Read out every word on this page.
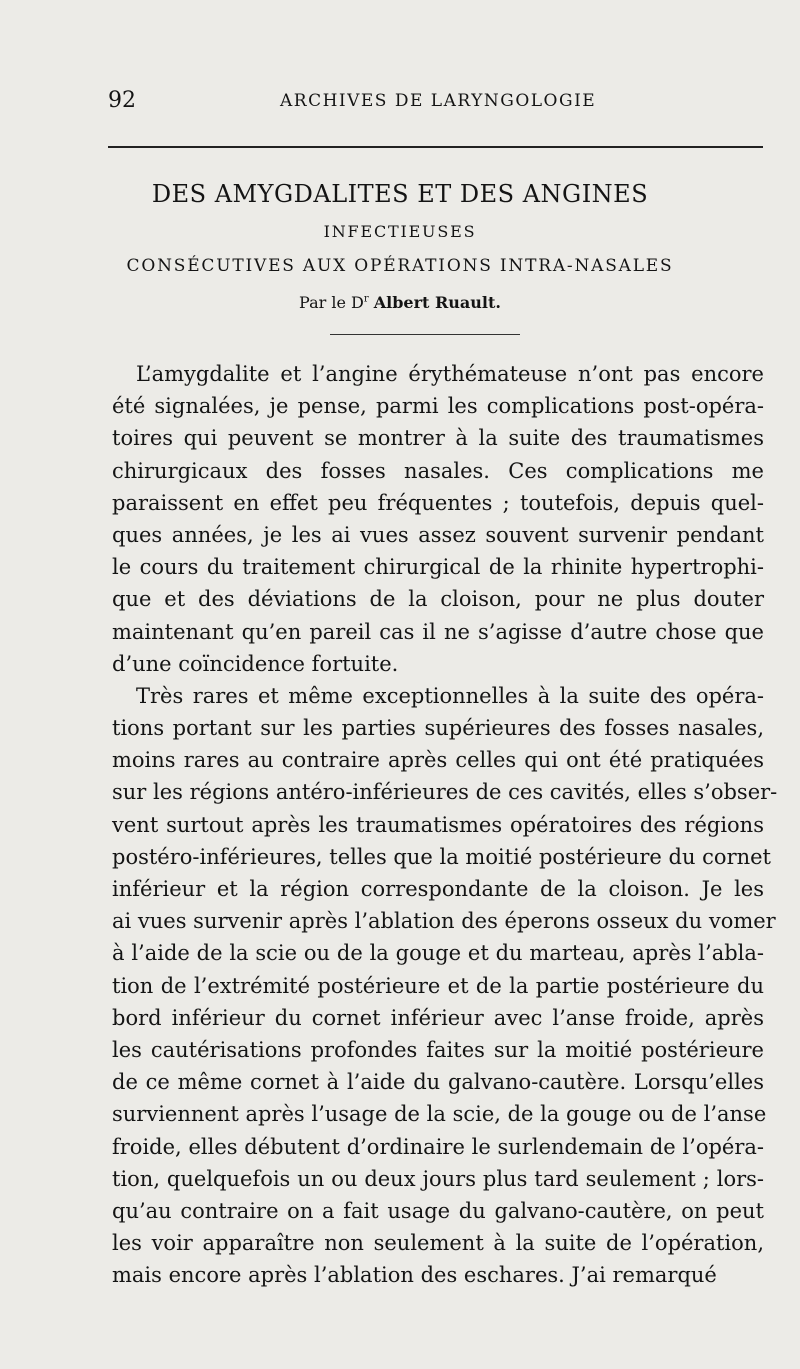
92	ARCHIVES DE LARYNGOLOGIE
DES AMYGDALITES ET DES ANGINES
INFECTIEUSES
CONSÉCUTIVES AUX OPÉRATIONS INTRA-NASALES
Par le $D^r$ Albert Ruault.
L’amygdalite et l’angine érythémateuse n’ont pas encore
été signalées, je pense, parmi les complications post-opéra-
toires qui peuvent se montrer à la suite des traumatismes
chirurgicaux des fosses nasales. Ces complications me
paraissent en effet peu fréquentes ; toutefois, depuis quel-
ques années, je les ai vues assez souvent survenir pendant
le cours du traitement chirurgical de la rhinite hypertrophi-
que et des déviations de la cloison, pour ne plus douter
maintenant qu’en pareil cas il ne s’agisse d’autre chose que
d’une coïncidence fortuite.
Très rares et même exceptionnelles à la suite des opéra-
tions portant sur les parties supérieures des fosses nasales,
moins rares au contraire après celles qui ont été pratiquées
sur les régions antéro-inférieures de ces cavités, elles s’obser-
vent surtout après les traumatismes opératoires des régions
postéro-inférieures, telles que la moitié postérieure du cornet
inférieur et la région correspondante de la cloison. Je les
ai vues survenir après l’ablation des éperons osseux du vomer
à l’aide de la scie ou de la gouge et du marteau, après l’abla-
tion de l’extrémité postérieure et de la partie postérieure du
bord inférieur du cornet inférieur avec l’anse froide, après
les cautérisations profondes faites sur la moitié postérieure
de ce même cornet à l’aide du galvano-cautère. Lorsqu’elles
surviennent après l’usage de la scie, de la gouge ou de l’anse
froide, elles débutent d’ordinaire le surlendemain de l’opéra-
tion, quelquefois un ou deux jours plus tard seulement ; lors-
qu’au contraire on a fait usage du galvano-cautère, on peut
les voir apparaître non seulement à la suite de l’opération,
mais encore après l’ablation des eschares. J’ai remarqué
